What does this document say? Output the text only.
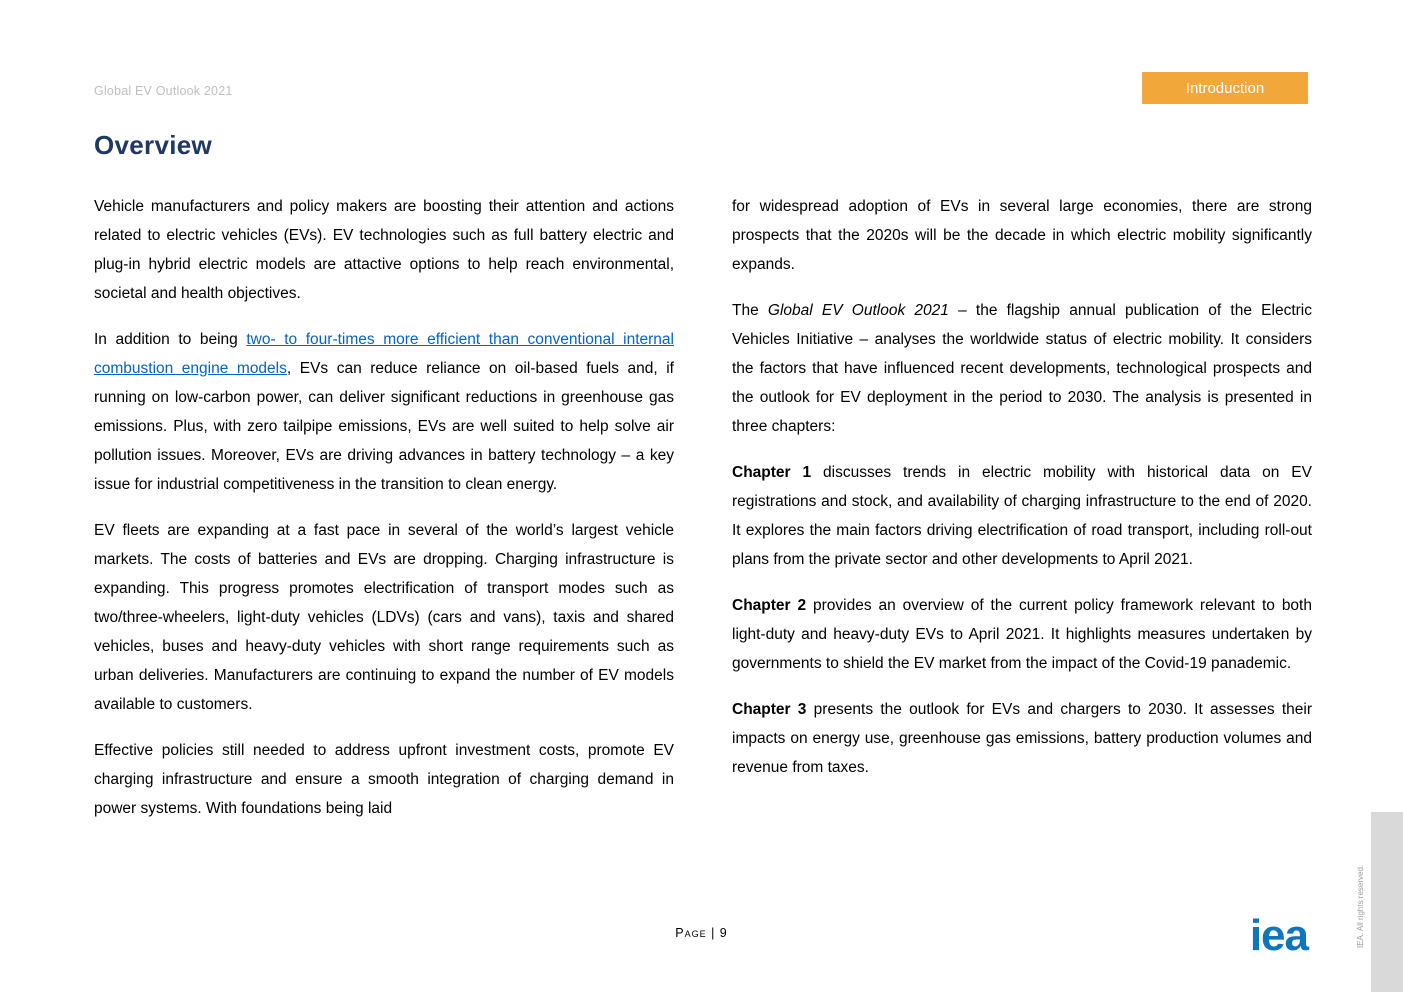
Global EV Outlook 2021	Introduction
Overview

Vehicle manufacturers and policy makers are boosting their attention and actions related to electric vehicles (EVs). EV technologies such as full battery electric and plug-in hybrid electric models are attactive options to help reach environmental, societal and health objectives.

In addition to being two- to four-times more efficient than conventional internal combustion engine models, EVs can reduce reliance on oil-based fuels and, if running on low-carbon power, can deliver significant reductions in greenhouse gas emissions. Plus, with zero tailpipe emissions, EVs are well suited to help solve air pollution issues. Moreover, EVs are driving advances in battery technology – a key issue for industrial competitiveness in the transition to clean energy.

EV fleets are expanding at a fast pace in several of the world’s largest vehicle markets. The costs of batteries and EVs are dropping. Charging infrastructure is expanding. This progress promotes electrification of transport modes such as two/three-wheelers, light-duty vehicles (LDVs) (cars and vans), taxis and shared vehicles, buses and heavy-duty vehicles with short range requirements such as urban deliveries. Manufacturers are continuing to expand the number of EV models available to customers.

Effective policies still needed to address upfront investment costs, promote EV charging infrastructure and ensure a smooth integration of charging demand in power systems. With foundations being laid

for widespread adoption of EVs in several large economies, there are strong prospects that the 2020s will be the decade in which electric mobility significantly expands.

The Global EV Outlook 2021 – the flagship annual publication of the Electric Vehicles Initiative – analyses the worldwide status of electric mobility. It considers the factors that have influenced recent developments, technological prospects and the outlook for EV deployment in the period to 2030. The analysis is presented in three chapters:

Chapter 1 discusses trends in electric mobility with historical data on EV registrations and stock, and availability of charging infrastructure to the end of 2020. It explores the main factors driving electrification of road transport, including roll-out plans from the private sector and other developments to April 2021.

Chapter 2 provides an overview of the current policy framework relevant to both light-duty and heavy-duty EVs to April 2021. It highlights measures undertaken by governments to shield the EV market from the impact of the Covid-19 panademic.

Chapter 3 presents the outlook for EVs and chargers to 2030. It assesses their impacts on energy use, greenhouse gas emissions, battery production volumes and revenue from taxes.

Page | 9	iea	IEA. All rights reserved.
